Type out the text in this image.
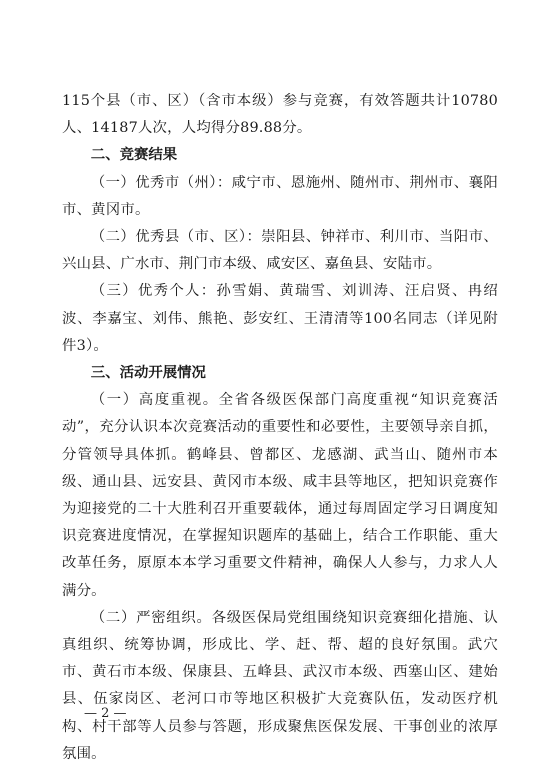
115个县（市、区）（含市本级）参与竞赛，有效答题共计10780人、14187人次，人均得分89.88分。

二、竞赛结果

（一）优秀市（州）：咸宁市、恩施州、随州市、荆州市、襄阳市、黄冈市。

（二）优秀县（市、区）：崇阳县、钟祥市、利川市、当阳市、兴山县、广水市、荆门市本级、咸安区、嘉鱼县、安陆市。

（三）优秀个人：孙雪娟、黄瑞雪、刘训涛、汪启贤、冉绍波、李嘉宝、刘伟、熊艳、彭安红、王清清等100名同志（详见附件3）。

三、活动开展情况

（一）高度重视。全省各级医保部门高度重视“知识竞赛活动”，充分认识本次竞赛活动的重要性和必要性，主要领导亲自抓，分管领导具体抓。鹤峰县、曾都区、龙感湖、武当山、随州市本级、通山县、远安县、黄冈市本级、咸丰县等地区，把知识竞赛作为迎接党的二十大胜利召开重要载体，通过每周固定学习日调度知识竞赛进度情况，在掌握知识题库的基础上，结合工作职能、重大改革任务，原原本本学习重要文件精神，确保人人参与，力求人人满分。

（二）严密组织。各级医保局党组围绕知识竞赛细化措施、认真组织、统筹协调，形成比、学、赶、帮、超的良好氛围。武穴市、黄石市本级、保康县、五峰县、武汉市本级、西塞山区、建始县、伍家岗区、老河口市等地区积极扩大竞赛队伍，发动医疗机构、村干部等人员参与答题，形成聚焦医保发展、干事创业的浓厚氛围。

— 2 —
